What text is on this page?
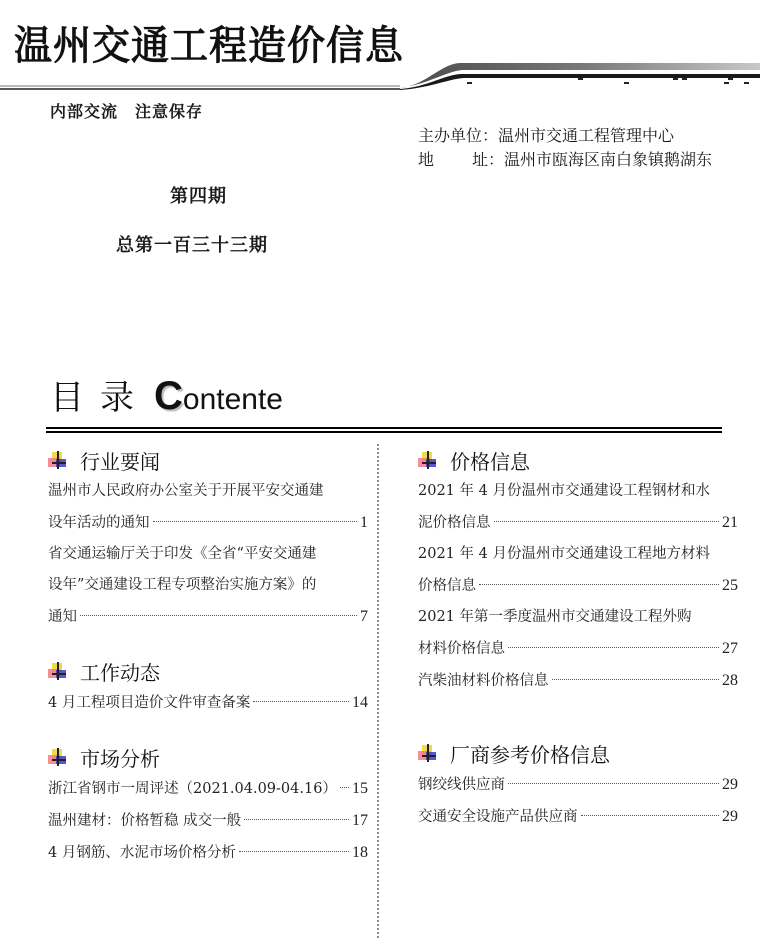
温州交通工程造价信息
内部交流　注意保存
第四期
总第一百三十三期
主办单位： 温州市交通工程管理中心
地 址： 温州市瓯海区南白象镇鹅湖东
目录 C ontente
行业要闻
温州市人民政府办公室关于开展平安交通建
设年活动的通知	1
省交通运输厅关于印发《全省“平安交通建
设年”交通建设工程专项整治实施方案》的
通知	7
工作动态
4 月工程项目造价文件审查备案	14
市场分析
浙江省钢市一周评述（2021.04.09-04.16） 15
温州建材：价格暂稳 成交一般	17
4 月钢筋、水泥市场价格分析	18
价格信息
2021 年 4 月份温州市交通建设工程钢材和水
泥价格信息	21
2021 年 4 月份温州市交通建设工程地方材料
价格信息	25
2021 年第一季度温州市交通建设工程外购
材料价格信息	27
汽柴油材料价格信息	28
厂商参考价格信息
钢绞线供应商	29
交通安全设施产品供应商	29
